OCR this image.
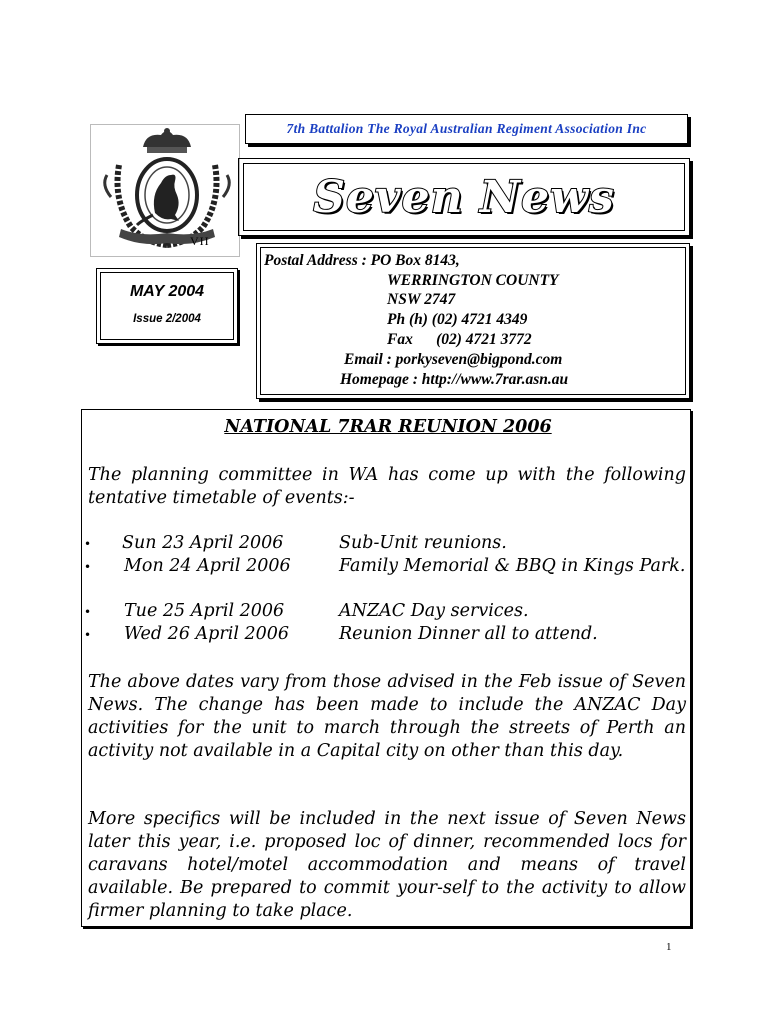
7th Battalion The Royal Australian Regiment Association Inc
VII
Seven News
MAY 2004
Issue 2/2004
Postal Address : PO Box 8143,
WERRINGTON COUNTY
NSW 2747
Ph (h) (02) 4721 4349
Fax      (02) 4721 3772
Email : porkyseven@bigpond.com
Homepage : http://www.7rar.asn.au
NATIONAL 7RAR REUNION 2006
The planning committee in WA has come up with the following tentative timetable of events:-
• Sun 23 April 2006	Sub-Unit reunions.
• Mon 24 April 2006	Family Memorial & BBQ in Kings Park.
• Tue 25 April 2006	ANZAC Day services.
• Wed 26 April 2006	Reunion Dinner all to attend.
The above dates vary from those advised in the Feb issue of Seven News. The change has been made to include the ANZAC Day activities for the unit to march through the streets of Perth an activity not available in a Capital city on other than this day.
More specifics will be included in the next issue of Seven News later this year, i.e. proposed loc of dinner, recommended locs for caravans hotel/motel accommodation and means of travel available. Be prepared to commit your-self to the activity to allow firmer planning to take place.
1
